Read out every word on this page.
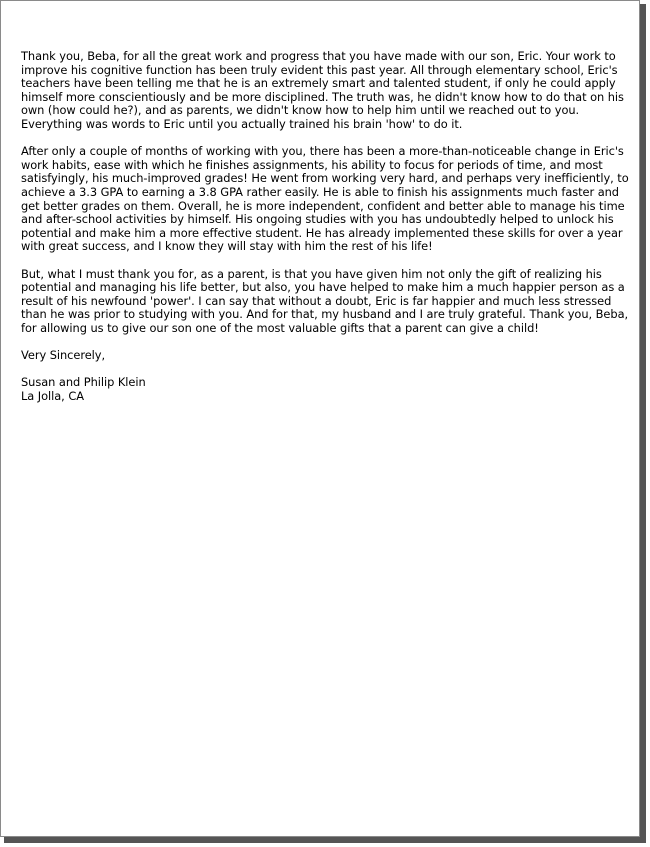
Thank you, Beba, for all the great work and progress that you have made with our son, Eric. Your work to
improve his cognitive function has been truly evident this past year. All through elementary school, Eric's
teachers have been telling me that he is an extremely smart and talented student, if only he could apply
himself more conscientiously and be more disciplined. The truth was, he didn't know how to do that on his
own (how could he?), and as parents, we didn't know how to help him until we reached out to you.
Everything was words to Eric until you actually trained his brain 'how' to do it.

After only a couple of months of working with you, there has been a more-than-noticeable change in Eric's
work habits, ease with which he finishes assignments, his ability to focus for periods of time, and most
satisfyingly, his much-improved grades! He went from working very hard, and perhaps very inefficiently, to
achieve a 3.3 GPA to earning a 3.8 GPA rather easily. He is able to finish his assignments much faster and
get better grades on them. Overall, he is more independent, confident and better able to manage his time
and after-school activities by himself. His ongoing studies with you has undoubtedly helped to unlock his
potential and make him a more effective student. He has already implemented these skills for over a year
with great success, and I know they will stay with him the rest of his life!

But, what I must thank you for, as a parent, is that you have given him not only the gift of realizing his
potential and managing his life better, but also, you have helped to make him a much happier person as a
result of his newfound 'power'. I can say that without a doubt, Eric is far happier and much less stressed
than he was prior to studying with you. And for that, my husband and I are truly grateful. Thank you, Beba,
for allowing us to give our son one of the most valuable gifts that a parent can give a child!

Very Sincerely,

Susan and Philip Klein
La Jolla, CA
